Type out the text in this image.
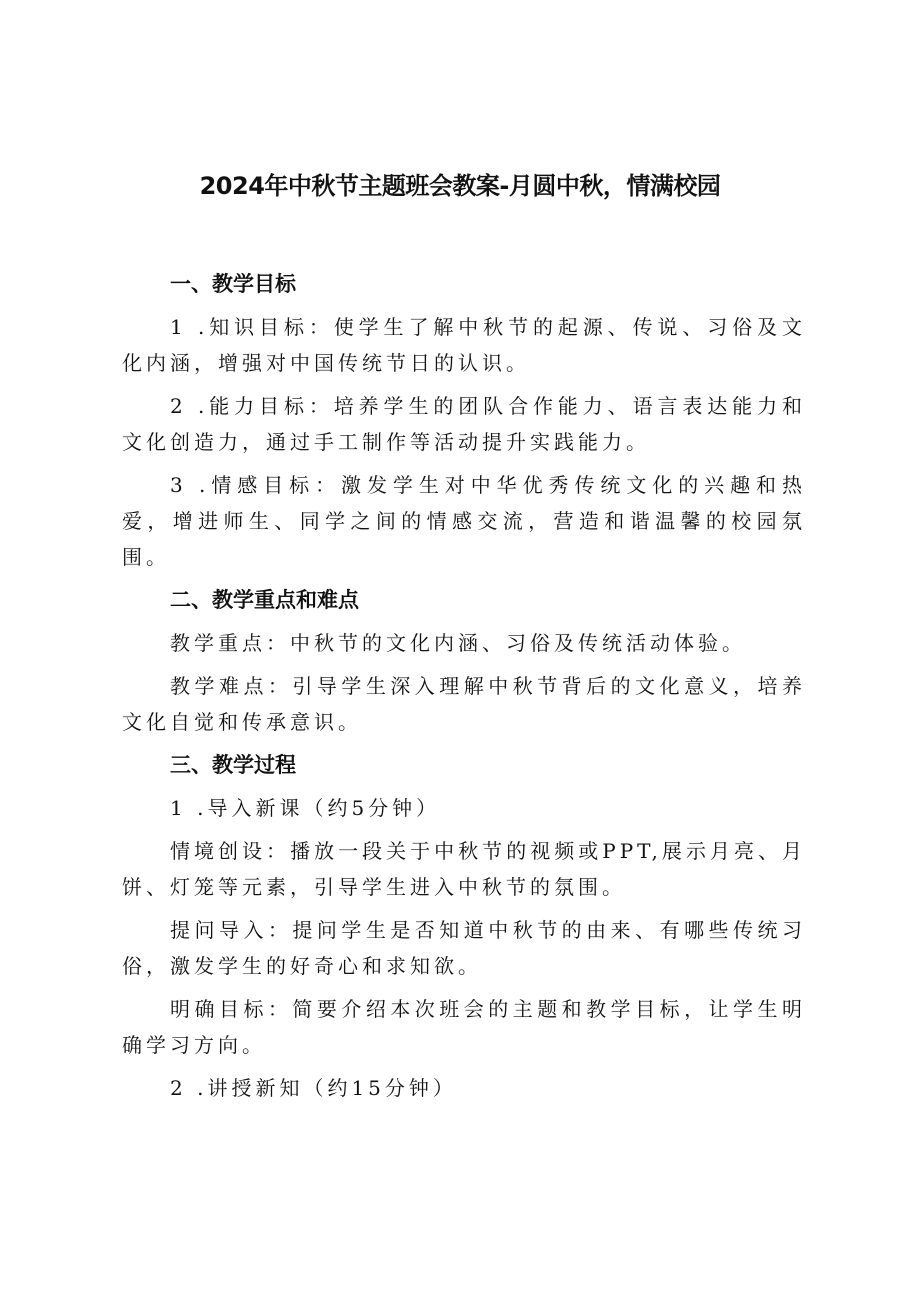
2024年中秋节主题班会教案-月圆中秋，情满校园
一、教学目标

1 .知识目标：使学生了解中秋节的起源、传说、习俗及文化内涵，增强对中国传统节日的认识。

2 .能力目标：培养学生的团队合作能力、语言表达能力和文化创造力，通过手工制作等活动提升实践能力。

3 .情感目标：激发学生对中华优秀传统文化的兴趣和热爱，增进师生、同学之间的情感交流，营造和谐温馨的校园氛围。

二、教学重点和难点

教学重点：中秋节的文化内涵、习俗及传统活动体验。

教学难点：引导学生深入理解中秋节背后的文化意义，培养文化自觉和传承意识。

三、教学过程

1 .导入新课（约5分钟）

情境创设：播放一段关于中秋节的视频或PPT,展示月亮、月饼、灯笼等元素，引导学生进入中秋节的氛围。

提问导入：提问学生是否知道中秋节的由来、有哪些传统习俗，激发学生的好奇心和求知欲。

明确目标：简要介绍本次班会的主题和教学目标，让学生明确学习方向。

2 .讲授新知（约15分钟）
